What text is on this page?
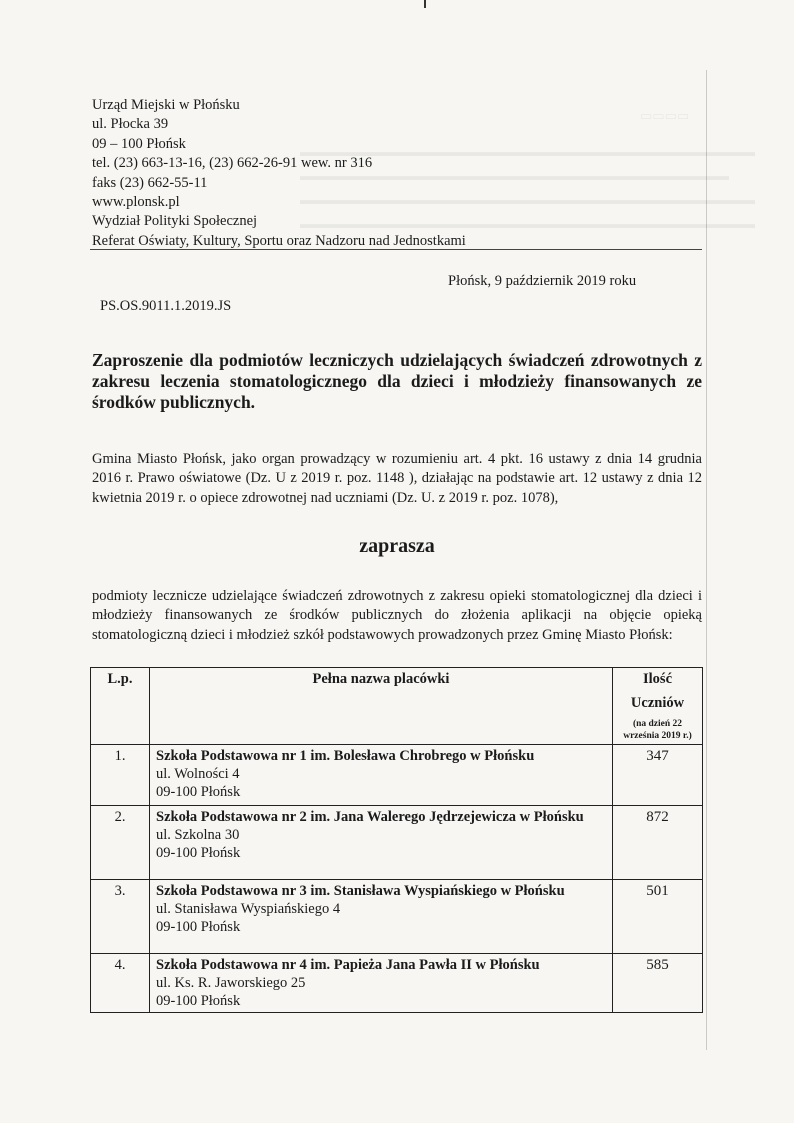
▭▭▭▭
▬▬▬▬▬▬▬▬▬▬▬▬▬▬▬▬▬▬▬▬▬▬▬▬▬▬▬▬▬▬▬▬▬▬▬
▬▬▬▬▬▬▬▬▬▬▬▬▬▬▬▬▬▬▬▬▬▬▬▬▬▬▬▬▬▬▬▬▬
▬▬▬▬▬▬▬▬▬▬▬▬▬▬▬▬▬▬▬▬▬▬▬▬▬▬▬▬▬▬▬▬▬▬▬
▬▬▬▬▬▬▬▬▬▬▬▬▬▬▬▬▬▬▬▬▬▬▬▬▬▬▬▬▬▬▬▬▬▬▬
Urząd Miejski w Płońsku
ul. Płocka 39
09 – 100 Płońsk
tel. (23) 663-13-16, (23) 662-26-91 wew. nr 316
faks (23) 662-55-11
www.plonsk.pl
Wydział Polityki Społecznej
Referat Oświaty, Kultury, Sportu oraz Nadzoru nad Jednostkami
Płońsk, 9 październik 2019 roku
PS.OS.9011.1.2019.JS
Zaproszenie dla podmiotów leczniczych udzielających świadczeń zdrowotnych z zakresu leczenia stomatologicznego dla dzieci i młodzieży finansowanych ze środków publicznych.
Gmina Miasto Płońsk, jako organ prowadzący w rozumieniu art. 4 pkt. 16 ustawy z dnia 14 grudnia 2016 r. Prawo oświatowe (Dz. U z 2019 r. poz. 1148 ), działając na podstawie art. 12 ustawy z dnia 12 kwietnia 2019 r. o opiece zdrowotnej nad uczniami (Dz. U. z 2019 r. poz. 1078),
zaprasza
podmioty lecznicze udzielające świadczeń zdrowotnych z zakresu opieki stomatologicznej dla dzieci i młodzieży finansowanych ze środków publicznych do złożenia aplikacji na objęcie opieką stomatologiczną dzieci i młodzież szkół podstawowych prowadzonych przez Gminę Miasto Płońsk:
L.p.	Pełna nazwa placówki	Ilość
Uczniów
(na dzień 22 września 2019 r.)

1.	Szkoła Podstawowa nr 1 im. Bolesława Chrobrego w Płońsku
ul. Wolności 4
09-100 Płońsk	347
2.	Szkoła Podstawowa nr 2 im. Jana Walerego Jędrzejewicza w Płońsku
ul. Szkolna 30
09-100 Płońsk	872
3.	Szkoła Podstawowa nr 3 im. Stanisława Wyspiańskiego w Płońsku
ul. Stanisława Wyspiańskiego 4
09-100 Płońsk	501
4.	Szkoła Podstawowa nr 4 im. Papieża Jana Pawła II w Płońsku
ul. Ks. R. Jaworskiego 25
09-100 Płońsk	585
